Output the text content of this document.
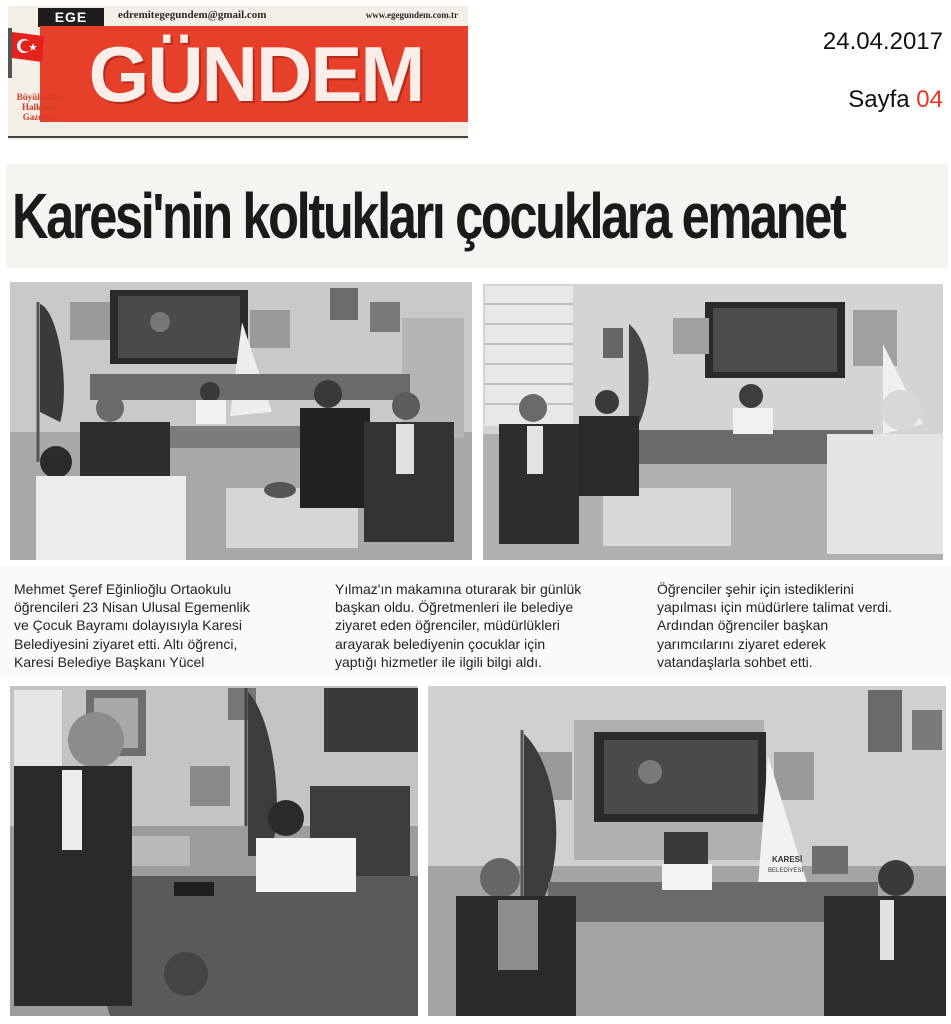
EGE	edremitegegundem@gmail.com	www.egegundem.com.tr
GÜNDEM
Büyükşehir
Halkının
Gazetesi
24.04.2017
Sayfa 04
Karesi'nin koltukları çocuklara emanet
Mehmet Şeref Eğinlioğlu Ortaokulu
öğrencileri 23 Nisan Ulusal Egemenlik
ve Çocuk Bayramı dolayısıyla Karesi
Belediyesini ziyaret etti. Altı öğrenci,
Karesi Belediye Başkanı Yücel
Yılmaz'ın makamına oturarak bir günlük
başkan oldu. Öğretmenleri ile belediye
ziyaret eden öğrenciler, müdürlükleri
arayarak belediyenin çocuklar için
yaptığı hizmetler ile ilgili bilgi aldı.
Öğrenciler şehir için istediklerini
yapılması için müdürlere talimat verdi.
Ardından öğrenciler başkan
yarımcılarını ziyaret ederek
vatandaşlarla sohbet etti.
KARESİ
BELEDİYESİ
